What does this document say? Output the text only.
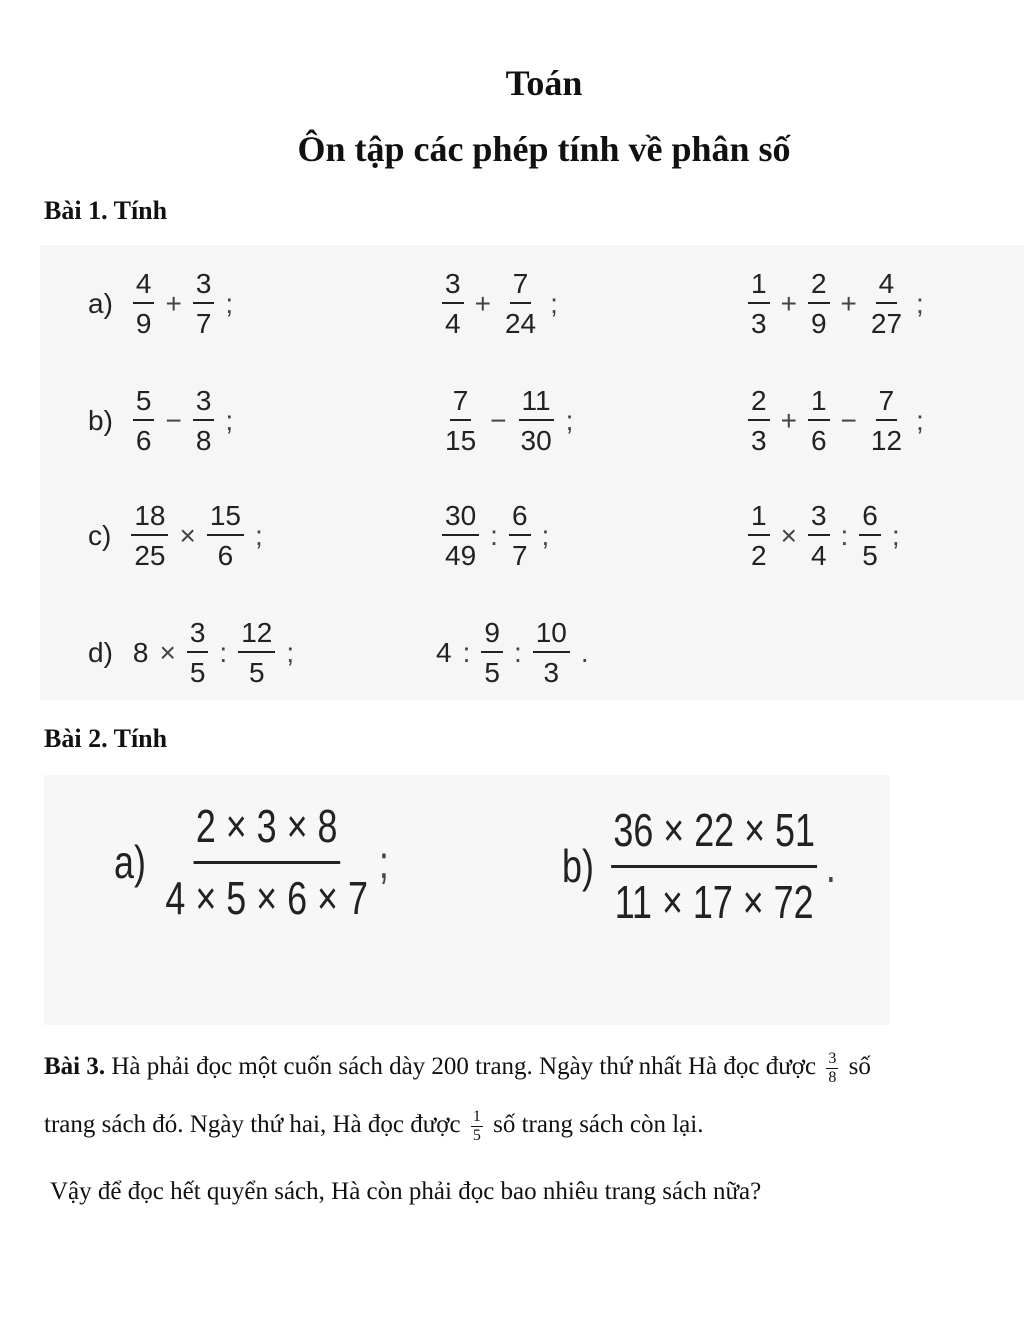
Toán
Ôn tập các phép tính về phân số
Bài 1. Tính
$a) \frac{4}{9} + \frac{3}{7}$ ;	$\frac{3}{4} + \frac{7}{24}$ ;	$\frac{1}{3} + \frac{2}{9} + \frac{4}{27}$ ;
$b) \frac{5}{6} - \frac{3}{8}$ ;	$\frac{7}{15} - \frac{11}{30}$ ;	$\frac{2}{3} + \frac{1}{6} - \frac{7}{12}$ ;
$c) \frac{18}{25} \times \frac{15}{6}$ ;	$\frac{30}{49}$ : $\frac{6}{7}$ ;	$\frac{1}{2} \times \frac{3}{4}$ : $\frac{6}{5}$ ;
d) $8 \times \frac{3}{5}$ : $\frac{12}{5}$ ;	4 : $\frac{9}{5}$ : $\frac{10}{3}$ .
Bài 2. Tính
$a) \frac{2 \times 3 \times 8}{4 \times 5 \times 6 \times 7}$ ;	$b) \frac{36 \times 22 \times 51}{11 \times 17 \times 72}$ .
Bài 3. Hà phải đọc một cuốn sách dày 200 trang. Ngày thứ nhất Hà đọc được $\frac{3}{8}$ số
trang sách đó. Ngày thứ hai, Hà đọc được $\frac{1}{5}$ số trang sách còn lại.
Vậy để đọc hết quyển sách, Hà còn phải đọc bao nhiêu trang sách nữa?
